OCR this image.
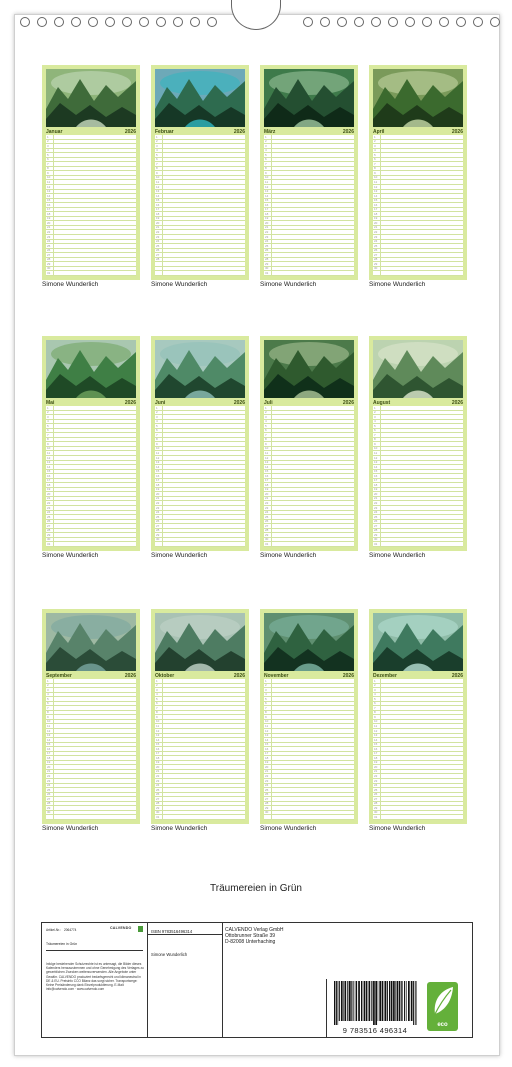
Januar	2026
1
2
3
4
5
6
7
8
9
10
11
12
13
14
15
16
17
18
19
20
21
22
23
24
25
26
27
28
29
30
31
Simone Wunderlich
Februar	2026
1
2
3
4
5
6
7
8
9
10
11
12
13
14
15
16
17
18
19
20
21
22
23
24
25
26
27
28
Simone Wunderlich
März	2026
1
2
3
4
5
6
7
8
9
10
11
12
13
14
15
16
17
18
19
20
21
22
23
24
25
26
27
28
29
30
31
Simone Wunderlich
April	2026
1
2
3
4
5
6
7
8
9
10
11
12
13
14
15
16
17
18
19
20
21
22
23
24
25
26
27
28
29
30
Simone Wunderlich
Mai	2026
1
2
3
4
5
6
7
8
9
10
11
12
13
14
15
16
17
18
19
20
21
22
23
24
25
26
27
28
29
30
31
Simone Wunderlich
Juni	2026
1
2
3
4
5
6
7
8
9
10
11
12
13
14
15
16
17
18
19
20
21
22
23
24
25
26
27
28
29
30
Simone Wunderlich
Juli	2026
1
2
3
4
5
6
7
8
9
10
11
12
13
14
15
16
17
18
19
20
21
22
23
24
25
26
27
28
29
30
31
Simone Wunderlich
August	2026
1
2
3
4
5
6
7
8
9
10
11
12
13
14
15
16
17
18
19
20
21
22
23
24
25
26
27
28
29
30
31
Simone Wunderlich
September	2026
1
2
3
4
5
6
7
8
9
10
11
12
13
14
15
16
17
18
19
20
21
22
23
24
25
26
27
28
29
30
Simone Wunderlich
Oktober	2026
1
2
3
4
5
6
7
8
9
10
11
12
13
14
15
16
17
18
19
20
21
22
23
24
25
26
27
28
29
30
31
Simone Wunderlich
November	2026
1
2
3
4
5
6
7
8
9
10
11
12
13
14
15
16
17
18
19
20
21
22
23
24
25
26
27
28
29
30
Simone Wunderlich
Dezember	2026
1
2
3
4
5
6
7
8
9
10
11
12
13
14
15
16
17
18
19
20
21
22
23
24
25
26
27
28
29
30
31
Simone Wunderlich
Träumereien in Grün
Artikel-Nr.: 2064774	CALVENDO
Träumereien in Grün
Infolge bestehender Schutzrechte ist es untersagt, die Bilder dieses Kalenders herauszutrennen und ohne Genehmigung des Verlages zu gewerblichen Zwecken weiterzuverwenden. Alle Angebote unter Gewähr. CALVENDO produziert bedarfsgerecht und klimaneutral in DE & EU. Preisinfo CCO Bilanz das sorgt sicher. Transportwege: Keine Preisänderung dank Einzelproduktierung. E-Mail: info@calvendo.com · www.calvendo.com
ISBN 9783516496314
Simone Wunderlich
CALVENDO Verlag GmbH
Ottobrunner Straße 39
D-82008 Unterhaching
9 783516 496314
eco
